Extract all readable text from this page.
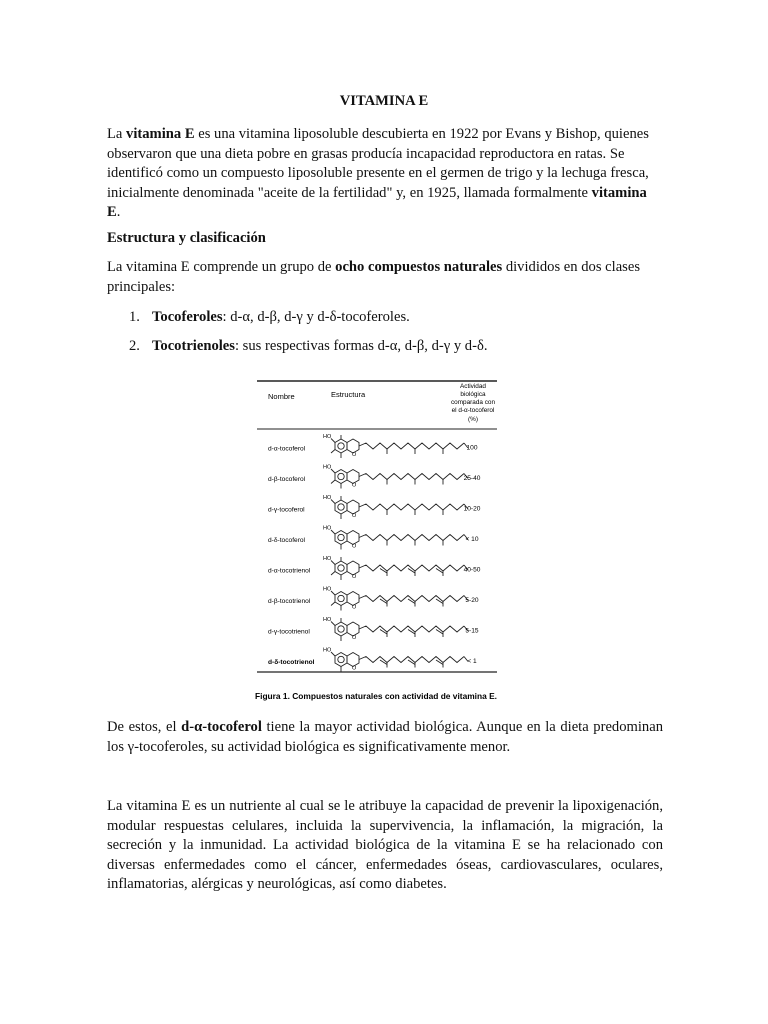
VITAMINA E

La vitamina E es una vitamina liposoluble descubierta en 1922 por Evans y Bishop, quienes observaron que una dieta pobre en grasas producía incapacidad reproductora en ratas. Se identificó como un compuesto liposoluble presente en el germen de trigo y la lechuga fresca, inicialmente denominada "aceite de la fertilidad" y, en 1925, llamada formalmente vitamina E.

Estructura y clasificación

La vitamina E comprende un grupo de ocho compuestos naturales divididos en dos clases principales:

1. Tocoferoles: d-α, d-β, d-γ y d-δ-tocoferoles.
2. Tocotrienoles: sus respectivas formas d-α, d-β, d-γ y d-δ.
Nombre	Estructura
Actividad
biológica
comparada con
el d-α-tocoferol
(%)
d-α-tocoferol
O
HO
100
d-β-tocoferol
O
HO
25-40
d-γ-tocoferol
O
HO
10-20
d-δ-tocoferol
O
HO
< 10
d-α-tocotrienol
O
HO
40-50
d-β-tocotrienol
O
HO
5-20
d-γ-tocotrienol
O
HO
5-15
d-δ-tocotrienol
O
HO
< 1
Figura 1. Compuestos naturales con actividad de vitamina E.

De estos, el d-α-tocoferol tiene la mayor actividad biológica. Aunque en la dieta predominan los γ-tocoferoles, su actividad biológica es significativamente menor.

La vitamina E es un nutriente al cual se le atribuye la capacidad de prevenir la lipoxigenación, modular respuestas celulares, incluida la supervivencia, la inflamación, la migración, la secreción y la inmunidad. La actividad biológica de la vitamina E se ha relacionado con diversas enfermedades como el cáncer, enfermedades óseas, cardiovasculares, oculares, inflamatorias, alérgicas y neurológicas, así como diabetes.
